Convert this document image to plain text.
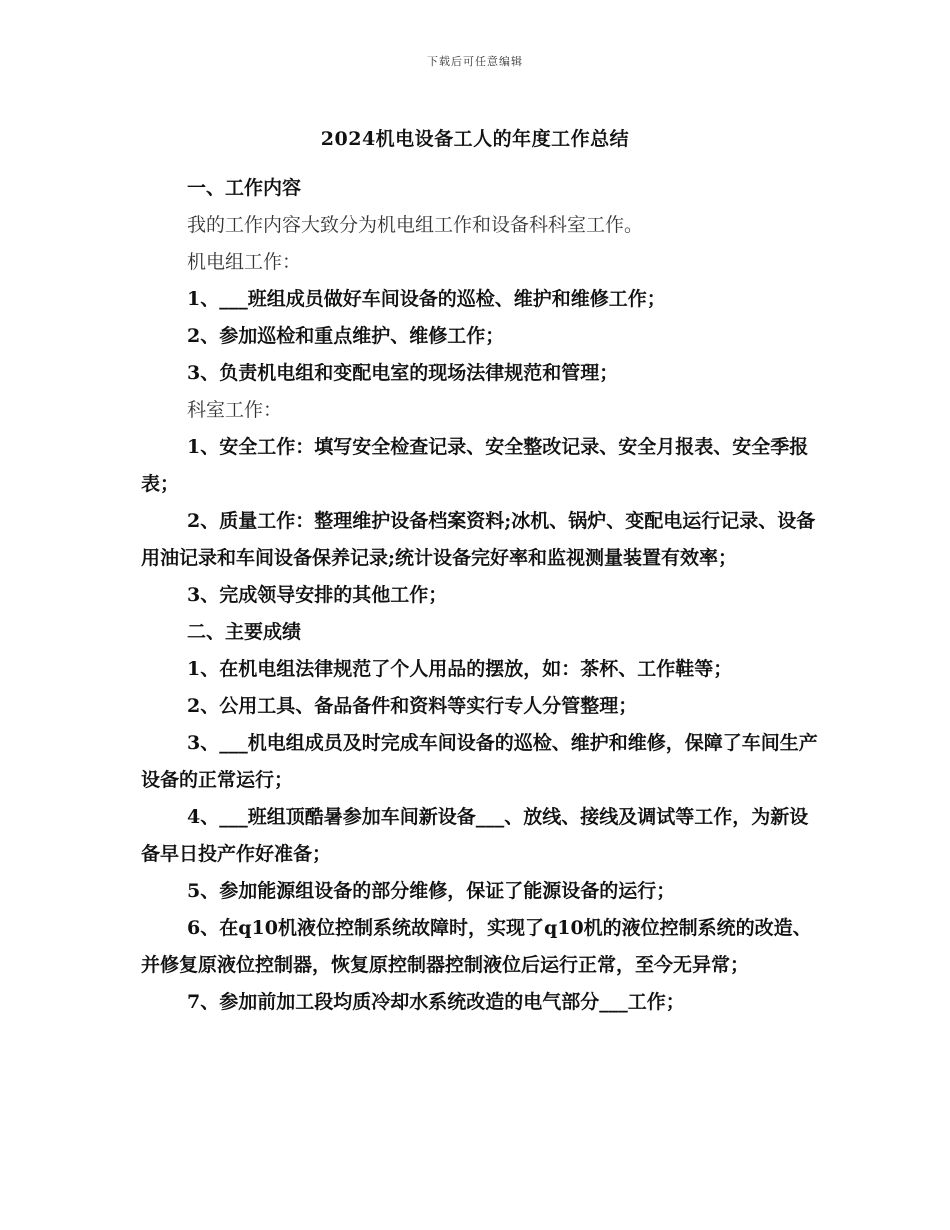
下载后可任意编辑
2024机电设备工人的年度工作总结

一、工作内容

我的工作内容大致分为机电组工作和设备科科室工作。

机电组工作：

1、___班组成员做好车间设备的巡检、维护和维修工作；

2、参加巡检和重点维护、维修工作；

3、负责机电组和变配电室的现场法律规范和管理；

科室工作：

1、安全工作：填写安全检查记录、安全整改记录、安全月报表、安全季报表；

2、质量工作：整理维护设备档案资料;冰机、锅炉、变配电运行记录、设备用油记录和车间设备保养记录;统计设备完好率和监视测量装置有效率；

3、完成领导安排的其他工作；

二、主要成绩

1、在机电组法律规范了个人用品的摆放，如：茶杯、工作鞋等；

2、公用工具、备品备件和资料等实行专人分管整理；

3、___机电组成员及时完成车间设备的巡检、维护和维修，保障了车间生产设备的正常运行；

4、___班组顶酷暑参加车间新设备___、放线、接线及调试等工作，为新设备早日投产作好准备；

5、参加能源组设备的部分维修，保证了能源设备的运行；

6、在q10机液位控制系统故障时，实现了q10机的液位控制系统的改造、并修复原液位控制器，恢复原控制器控制液位后运行正常，至今无异常；

7、参加前加工段均质冷却水系统改造的电气部分___工作；
